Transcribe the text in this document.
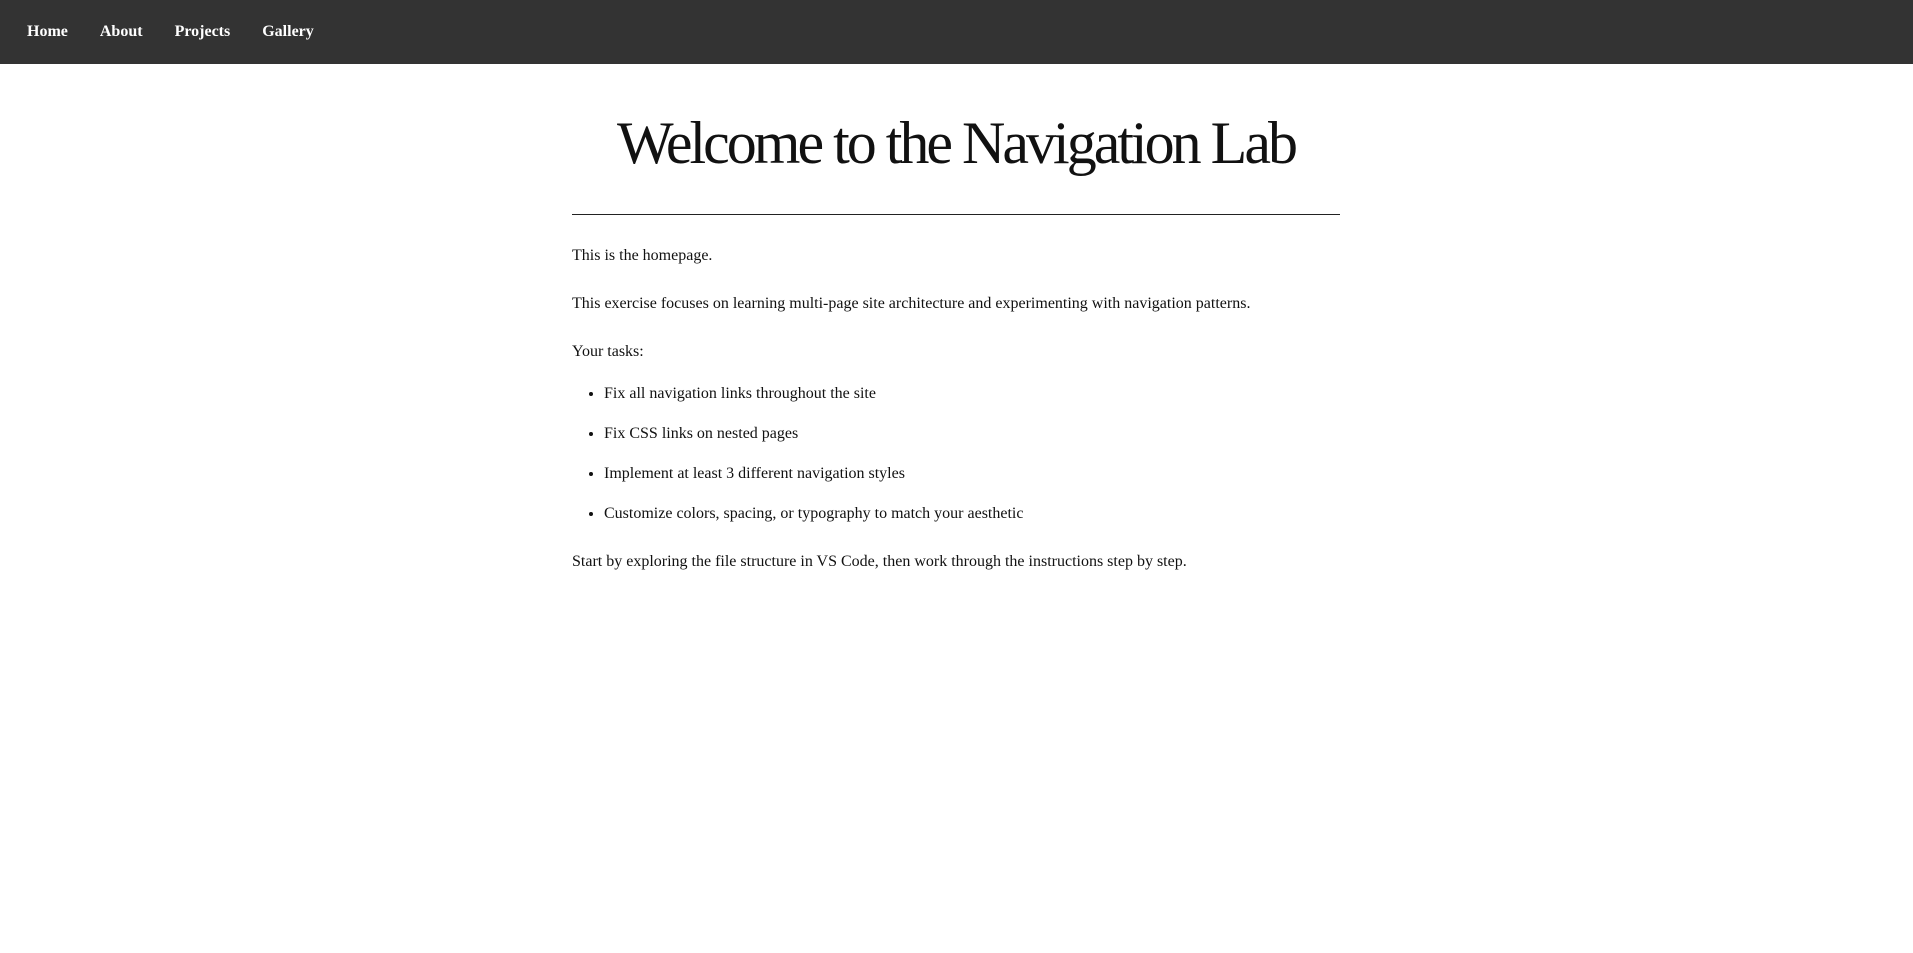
Home About Projects Gallery
Welcome to the Navigation Lab

This is the homepage.

This exercise focuses on learning multi-page site architecture and experimenting with navigation patterns.

Your tasks:

• Fix all navigation links throughout the site
• Fix CSS links on nested pages
• Implement at least 3 different navigation styles
• Customize colors, spacing, or typography to match your aesthetic

Start by exploring the file structure in VS Code, then work through the instructions step by step.
